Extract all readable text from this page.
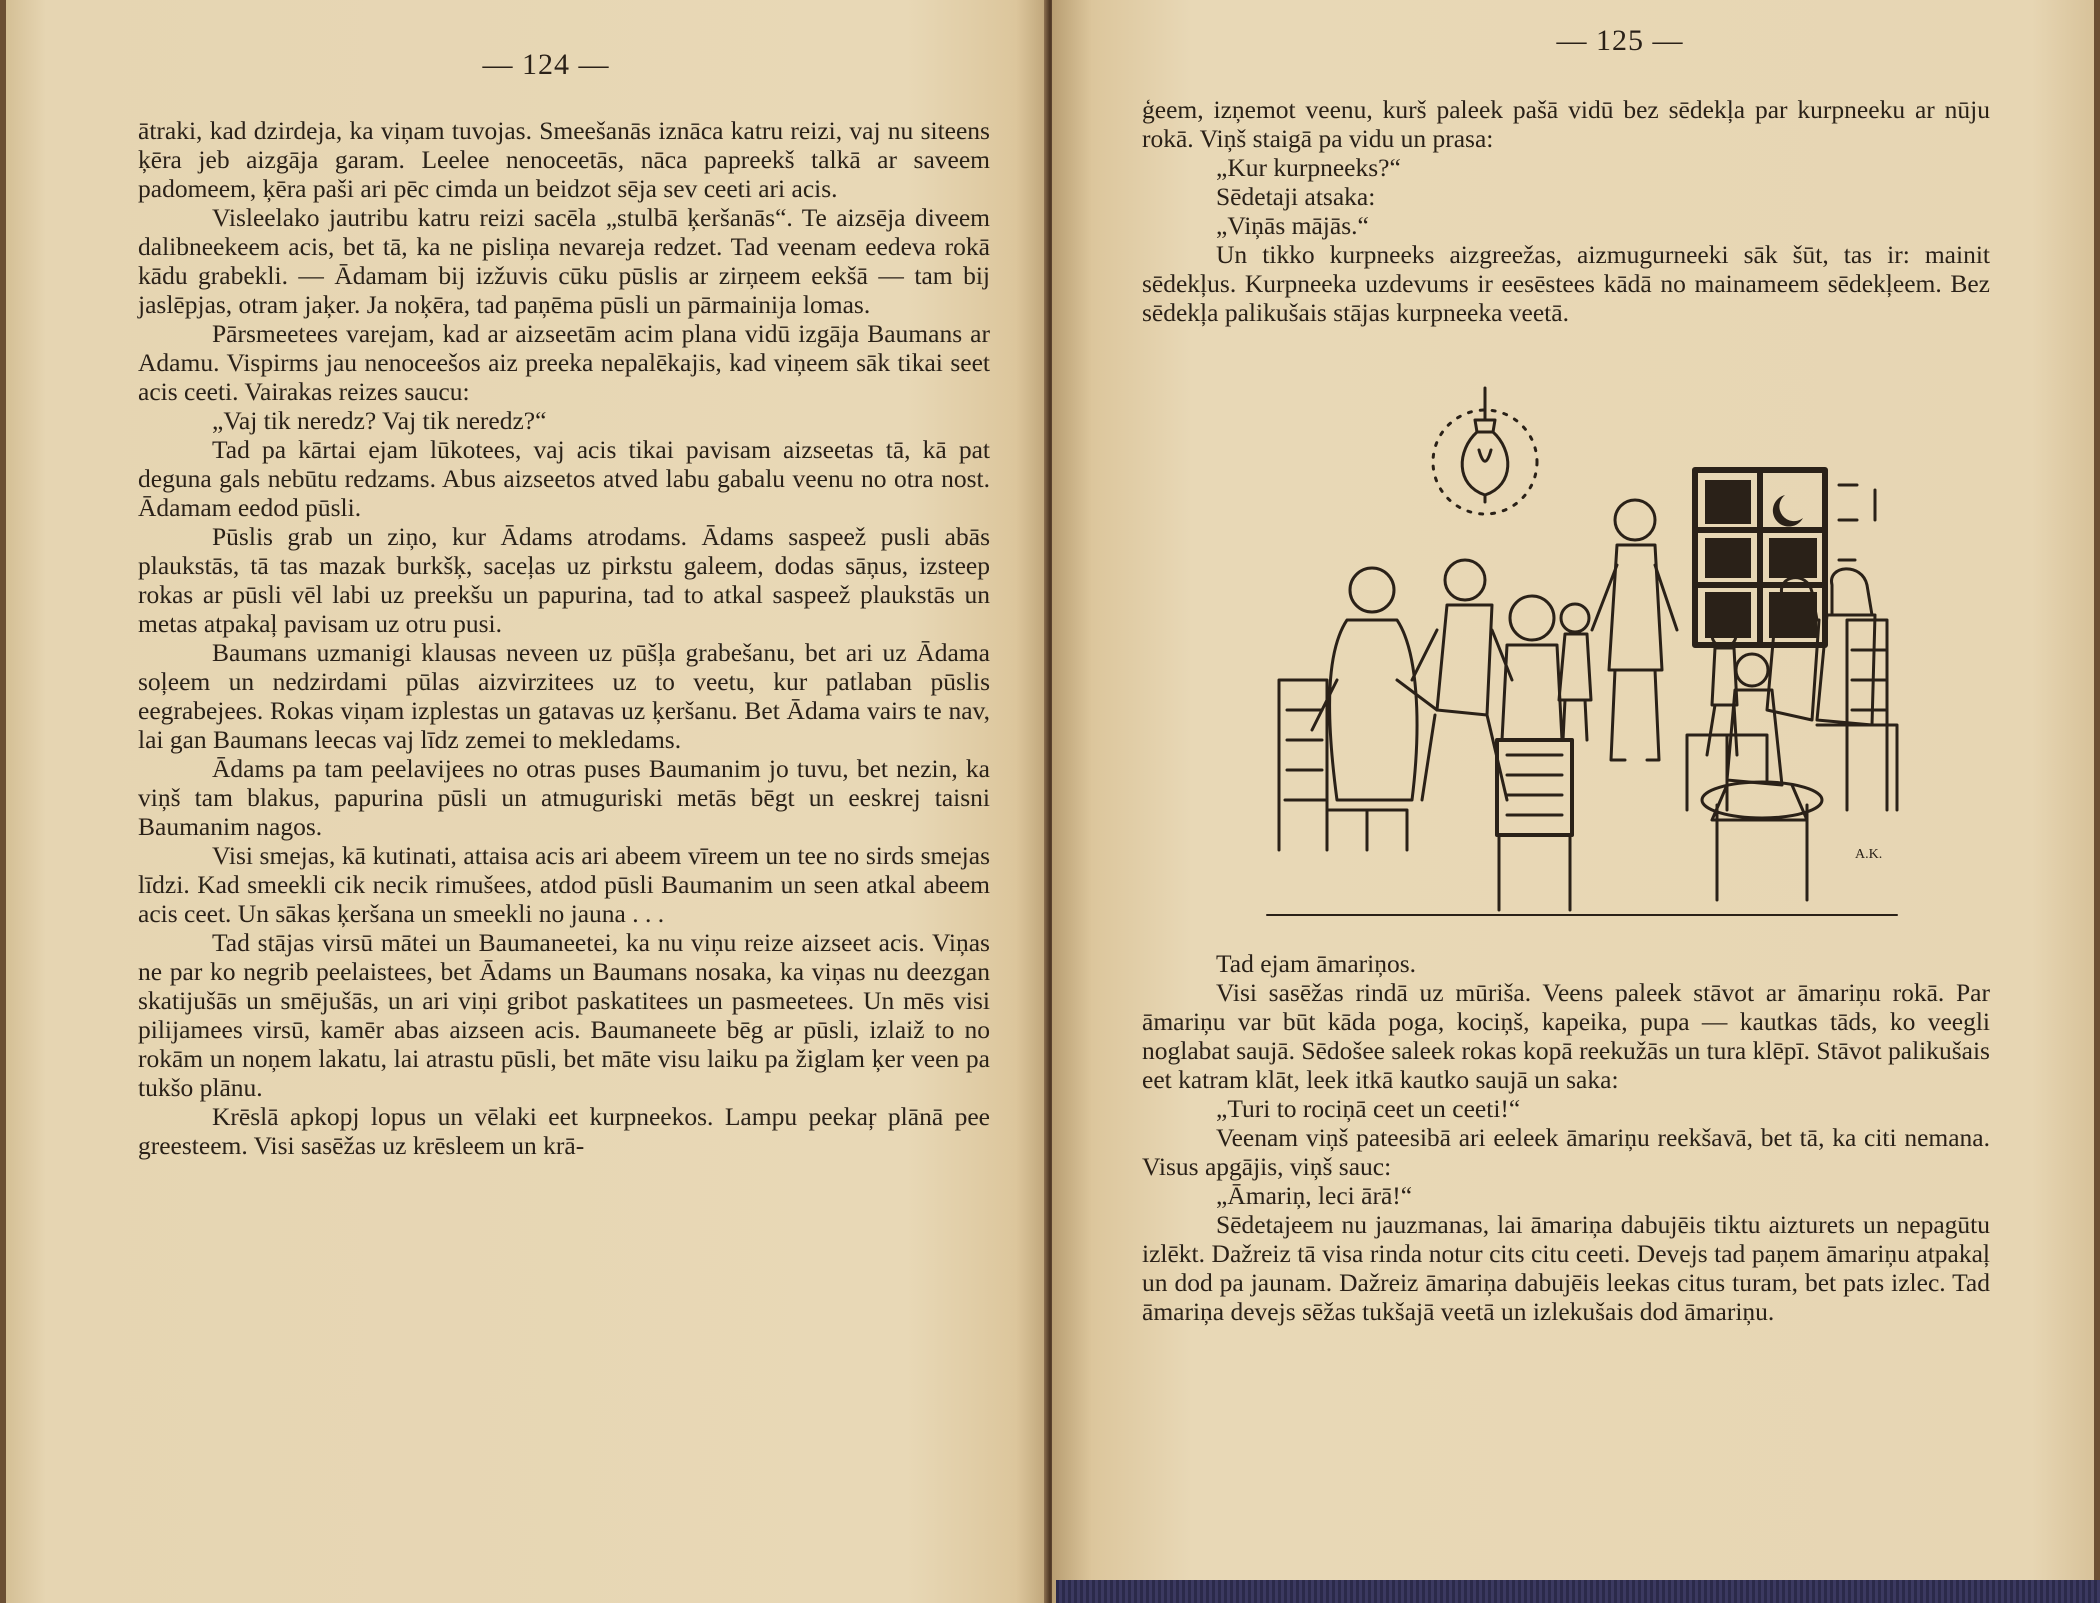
— 124 —

ātraki, kad dzirdeja, ka viņam tuvojas. Smeešanās iznāca katru reizi, vaj nu siteens ķēra jeb aizgāja garam. Leelee nenoceetās, nāca papreekš talkā ar saveem padomeem, ķēra paši ari pēc cimda un beidzot sēja sev ceeti ari acis.

Visleelako jautribu katru reizi sacēla „stulbā ķeršanās“. Te aizsēja diveem dalibneekeem acis, bet tā, ka ne pisliņa nevareja redzet. Tad veenam eedeva rokā kādu grabekli. — Ādamam bij izžuvis cūku pūslis ar zirņeem eekšā — tam bij jaslēpjas, otram jaķer. Ja noķēra, tad paņēma pūsli un pārmainija lomas.

Pārsmeetees varejam, kad ar aizseetām acim plana vidū izgāja Baumans ar Adamu. Vispirms jau nenoceešos aiz preeka nepalēkajis, kad viņeem sāk tikai seet acis ceeti. Vairakas reizes saucu:

„Vaj tik neredz? Vaj tik neredz?“

Tad pa kārtai ejam lūkotees, vaj acis tikai pavisam aizseetas tā, kā pat deguna gals nebūtu redzams. Abus aizseetos atved labu gabalu veenu no otra nost. Ādamam eedod pūsli.

Pūslis grab un ziņo, kur Ādams atrodams. Ādams saspeež pusli abās plaukstās, tā tas mazak burkšķ, saceļas uz pirkstu galeem, dodas sāņus, izsteep rokas ar pūsli vēl labi uz preekšu un papurina, tad to atkal saspeež plaukstās un metas atpakaļ pavisam uz otru pusi.

Baumans uzmanigi klausas neveen uz pūšļa grabešanu, bet ari uz Ādama soļeem un nedzirdami pūlas aizvirzitees uz to veetu, kur patlaban pūslis eegrabejees. Rokas viņam izplestas un gatavas uz ķeršanu. Bet Ādama vairs te nav, lai gan Baumans leecas vaj līdz zemei to mekledams.

Ādams pa tam peelavijees no otras puses Baumanim jo tuvu, bet nezin, ka viņš tam blakus, papurina pūsli un atmuguriski metās bēgt un eeskrej taisni Baumanim nagos.

Visi smejas, kā kutinati, attaisa acis ari abeem vīreem un tee no sirds smejas līdzi. Kad smeekli cik necik rimušees, atdod pūsli Baumanim un seen atkal abeem acis ceet. Un sākas ķeršana un smeekli no jauna . . .

Tad stājas virsū mātei un Baumaneetei, ka nu viņu reize aizseet acis. Viņas ne par ko negrib peelaistees, bet Ādams un Baumans nosaka, ka viņas nu deezgan skatijušās un smējušās, un ari viņi gribot paskatitees un pasmeetees. Un mēs visi pilijamees virsū, kamēr abas aizseen acis. Baumaneete bēg ar pūsli, izlaiž to no rokām un noņem lakatu, lai atrastu pūsli, bet māte visu laiku pa žiglam ķer veen pa tukšo plānu.

Krēslā apkopj lopus un vēlaki eet kurpneekos. Lampu peekaŗ plānā pee greesteem. Visi sasēžas uz krēsleem un krā-

— 125 —

ģeem, izņemot veenu, kurš paleek pašā vidū bez sēdekļa par kurpneeku ar nūju rokā. Viņš staigā pa vidu un prasa:

„Kur kurpneeks?“

Sēdetaji atsaka:

„Viņās mājās.“

Un tikko kurpneeks aizgreežas, aizmugurneeki sāk šūt, tas ir: mainit sēdekļus. Kurpneeka uzdevums ir eesēstees kādā no mainameem sēdekļeem. Bez sēdekļa palikušais stājas kurpneeka veetā.

A.K.

Tad ejam āmariņos.

Visi sasēžas rindā uz mūriša. Veens paleek stāvot ar āmariņu rokā. Par āmariņu var būt kāda poga, kociņš, kapeika, pupa — kautkas tāds, ko veegli noglabat saujā. Sēdošee saleek rokas kopā reekužās un tura klēpī. Stāvot palikušais eet katram klāt, leek itkā kautko saujā un saka:

„Turi to rociņā ceet un ceeti!“

Veenam viņš pateesibā ari eeleek āmariņu reekšavā, bet tā, ka citi nemana. Visus apgājis, viņš sauc:

„Āmariņ, leci ārā!“

Sēdetajeem nu jauzmanas, lai āmariņa dabujēis tiktu aizturets un nepagūtu izlēkt. Dažreiz tā visa rinda notur cits citu ceeti. Devejs tad paņem āmariņu atpakaļ un dod pa jaunam. Dažreiz āmariņa dabujēis leekas citus turam, bet pats izlec. Tad āmariņa devejs sēžas tukšajā veetā un izlekušais dod āmariņu.
